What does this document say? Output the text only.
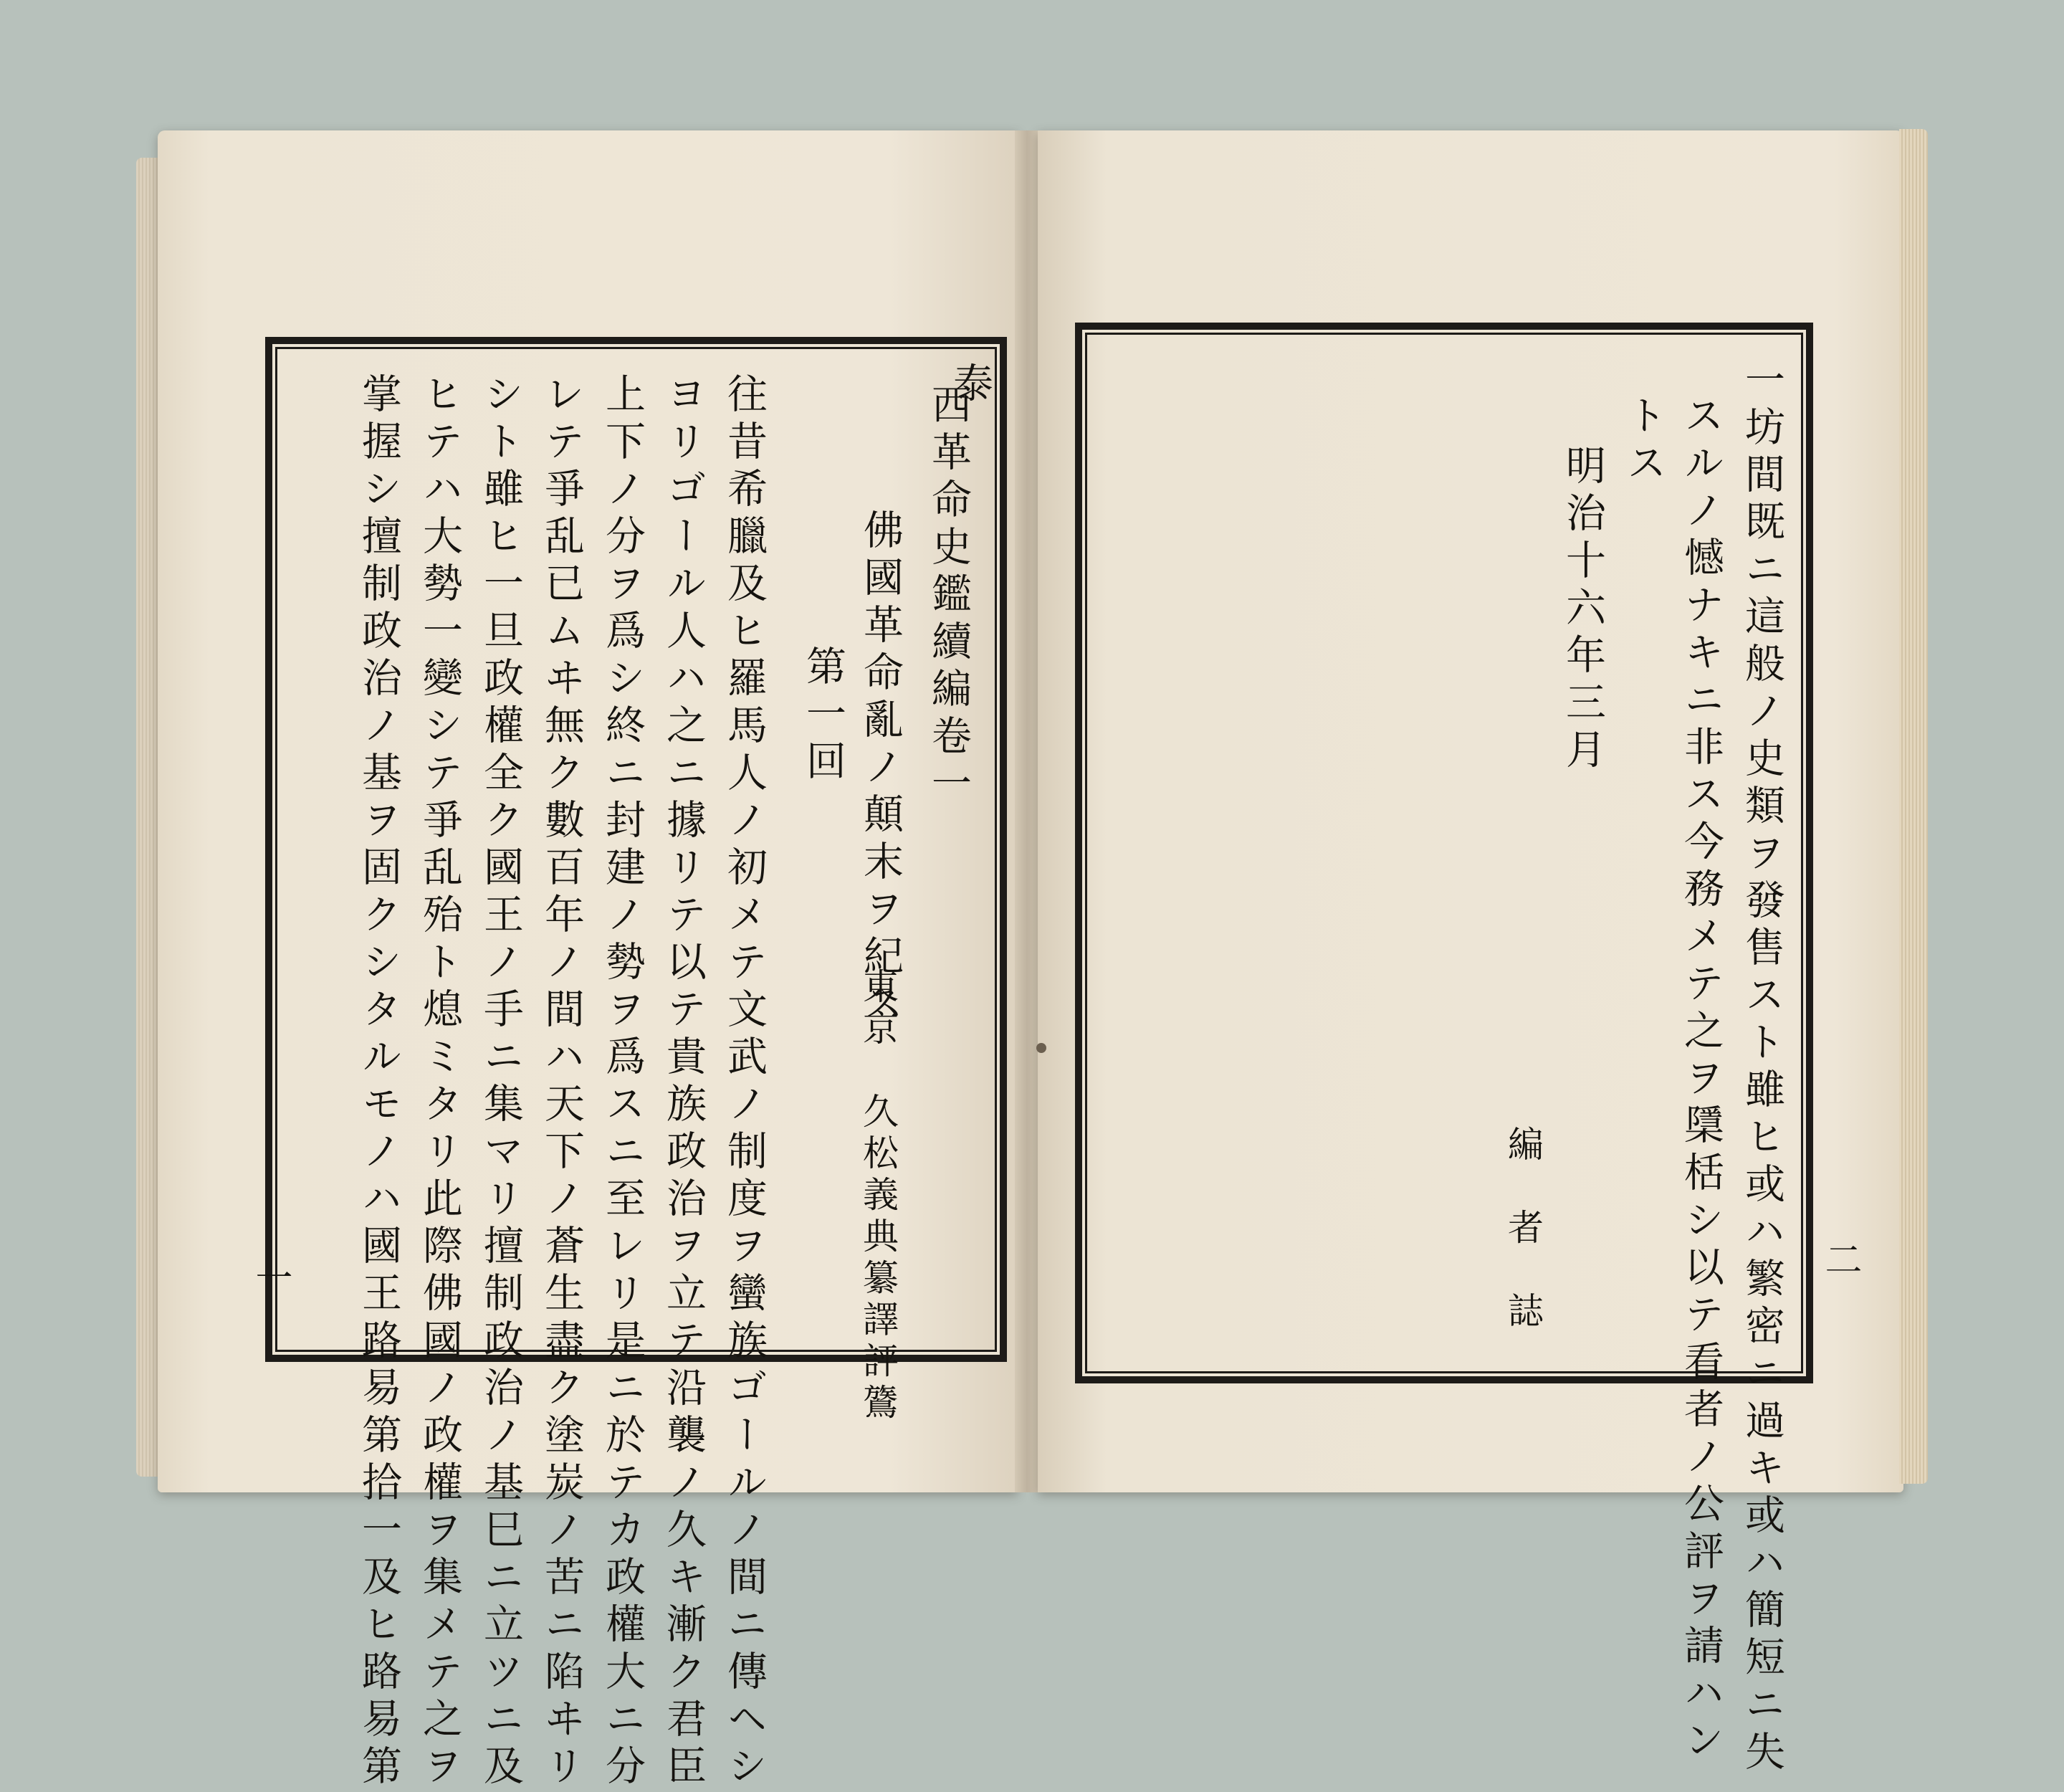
泰
西革命史鑑續編卷一
佛國革命亂ノ顛末ヲ紀ス
第一回
東京　久松義典纂譯評鷟
往昔希臘及ヒ羅馬人ノ初メテ文武ノ制度ヲ蠻族ゴールノ間ニ傳ヘシ
ヨリゴール人ハ之ニ據リテ以テ貴族政治ヲ立テ沿襲ノ久キ漸ク君臣
上下ノ分ヲ爲シ終ニ封建ノ勢ヲ爲スニ至レリ是ニ於テカ政權大ニ分
レテ爭乱已ムヰ無ク數百年ノ間ハ天下ノ蒼生盡ク塗炭ノ苦ニ陷ヰリ
シト雖ヒ一旦政權全ク國王ノ手ニ集マリ擅制政治ノ基巳ニ立ツニ及
ヒテハ大勢一變シテ爭乱殆ト熄ミタリ此際佛國ノ政權ヲ集メテ之ヲ
掌握シ擅制政治ノ基ヲ固クシタルモノハ國王路易第拾一及ヒ路易第
一	一坊間既ニ這般ノ史類ヲ發售スト雖ヒ或ハ繁密ニ過キ或ハ簡短ニ失
スルノ憾ナキニ非ス今務メテ之ヲ檃栝シ以テ看者ノ公評ヲ請ハン
トス
明治十六年三月
編　者　誌	二
